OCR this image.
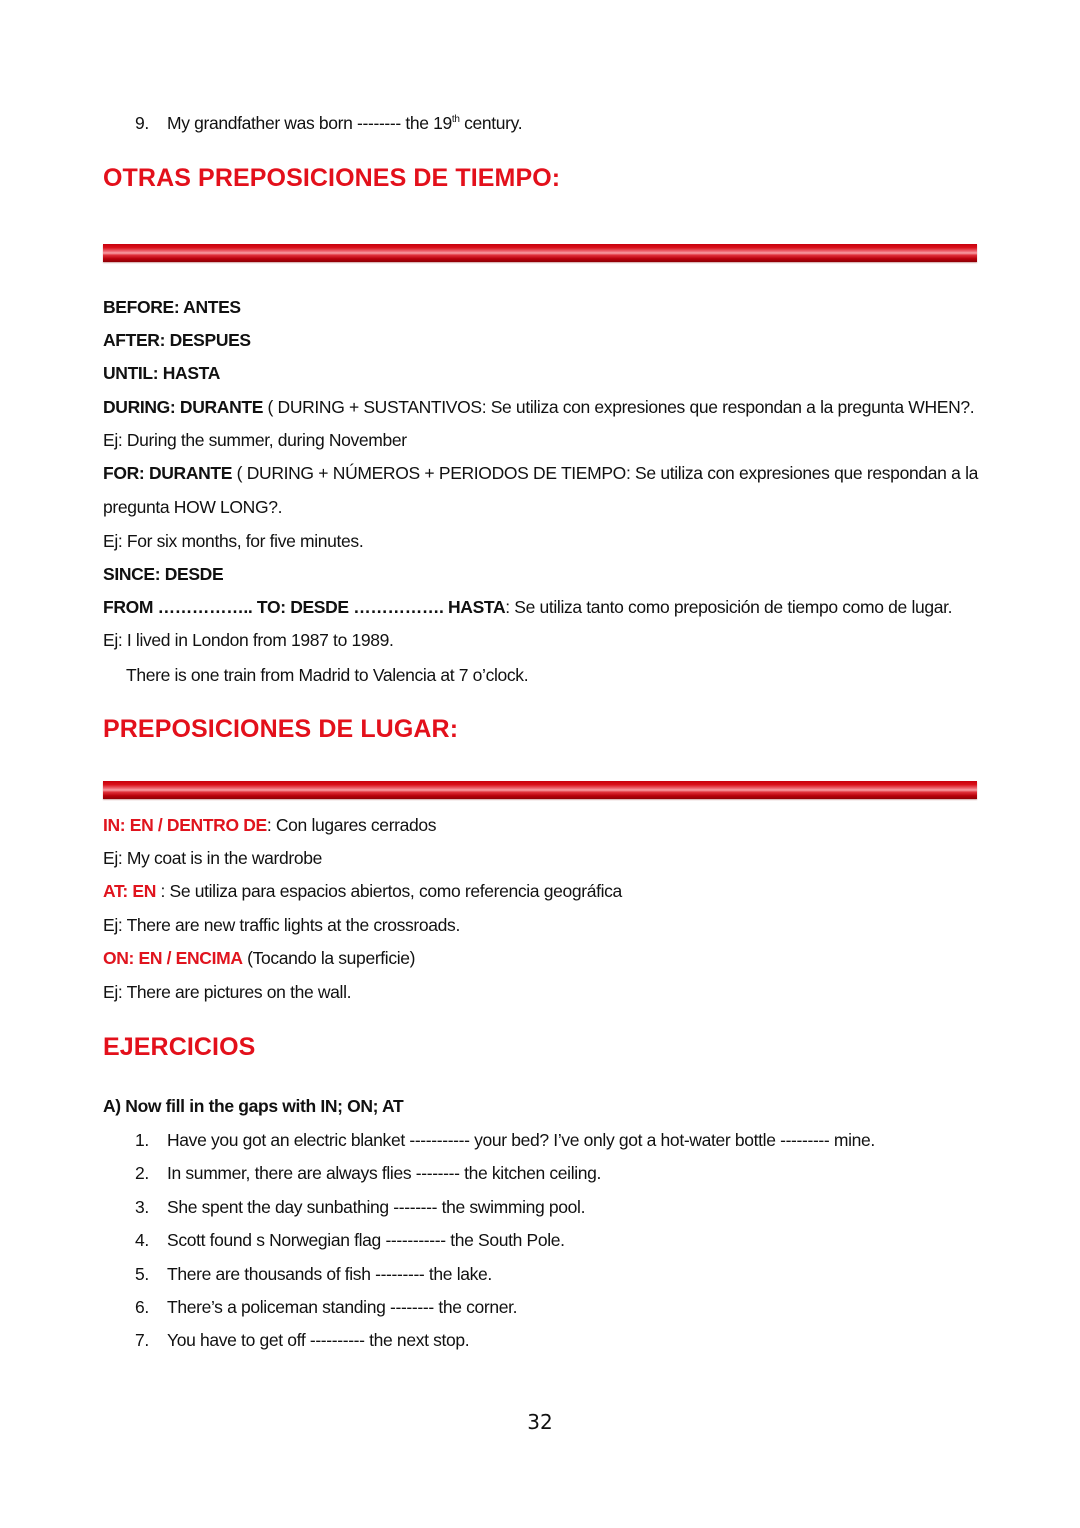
9. My grandfather was born -------- the 19th century.
OTRAS PREPOSICIONES DE TIEMPO:
BEFORE: ANTES
AFTER: DESPUES
UNTIL: HASTA
DURING: DURANTE ( DURING + SUSTANTIVOS: Se utiliza con expresiones que respondan a la pregunta WHEN?.
Ej: During the summer, during November
FOR: DURANTE ( DURING + NÚMEROS + PERIODOS DE TIEMPO: Se utiliza con expresiones que respondan a la
pregunta HOW LONG?.
Ej: For six months, for five minutes.
SINCE: DESDE
FROM …………….. TO: DESDE ……………. HASTA: Se utiliza tanto como preposición de tiempo como de lugar.
Ej: I lived in London from 1987 to 1989.
There is one train from Madrid to Valencia at 7 o’clock.
PREPOSICIONES DE LUGAR:
IN: EN / DENTRO DE: Con lugares cerrados
Ej: My coat is in the wardrobe
AT: EN : Se utiliza para espacios abiertos, como referencia geográfica
Ej: There are new traffic lights at the crossroads.
ON: EN / ENCIMA (Tocando la superficie)
Ej: There are pictures on the wall.
EJERCICIOS
A) Now fill in the gaps with IN; ON; AT
1. Have you got an electric blanket ----------- your bed? I’ve only got a hot-water bottle --------- mine.
2. In summer, there are always flies -------- the kitchen ceiling.
3. She spent the day sunbathing -------- the swimming pool.
4. Scott found s Norwegian flag ----------- the South Pole.
5. There are thousands of fish --------- the lake.
6. There’s a policeman standing -------- the corner.
7. You have to get off ---------- the next stop.
32
